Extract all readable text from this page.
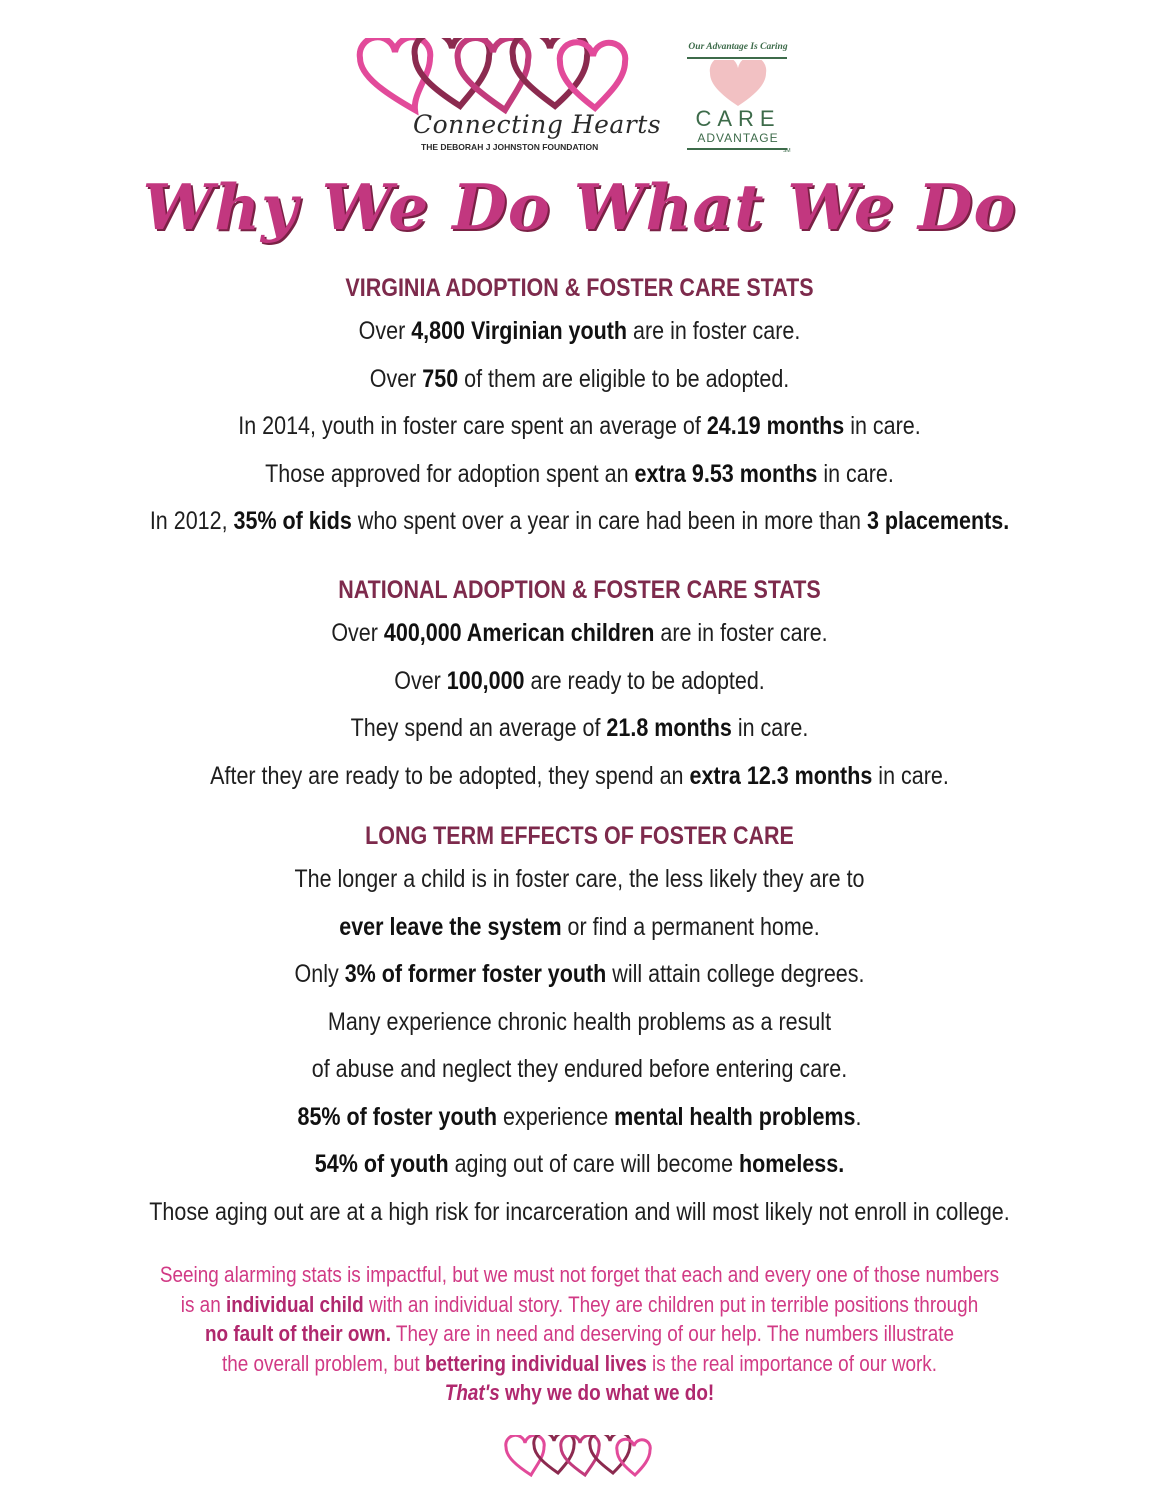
Connecting Hearts
THE DEBORAH J JOHNSTON FOUNDATION
Our Advantage Is Caring
CARE
ADVANTAGE
SM
Why We Do What We Do
VIRGINIA ADOPTION & FOSTER CARE STATS
Over 4,800 Virginian youth are in foster care.
Over 750 of them are eligible to be adopted.
In 2014, youth in foster care spent an average of 24.19 months in care.
Those approved for adoption spent an extra 9.53 months in care.
In 2012, 35% of kids who spent over a year in care had been in more than 3 placements.
NATIONAL ADOPTION & FOSTER CARE STATS
Over 400,000 American children are in foster care.
Over 100,000 are ready to be adopted.
They spend an average of 21.8 months in care.
After they are ready to be adopted, they spend an extra 12.3 months in care.
LONG TERM EFFECTS OF FOSTER CARE
The longer a child is in foster care, the less likely they are to
ever leave the system or find a permanent home.
Only 3% of former foster youth will attain college degrees.
Many experience chronic health problems as a result
of abuse and neglect they endured before entering care.
85% of foster youth experience mental health problems.
54% of youth aging out of care will become homeless.
Those aging out are at a high risk for incarceration and will most likely not enroll in college.
Seeing alarming stats is impactful, but we must not forget that each and every one of those numbers
is an individual child with an individual story. They are children put in terrible positions through
no fault of their own. They are in need and deserving of our help. The numbers illustrate
the overall problem, but bettering individual lives is the real importance of our work.
That's why we do what we do!
